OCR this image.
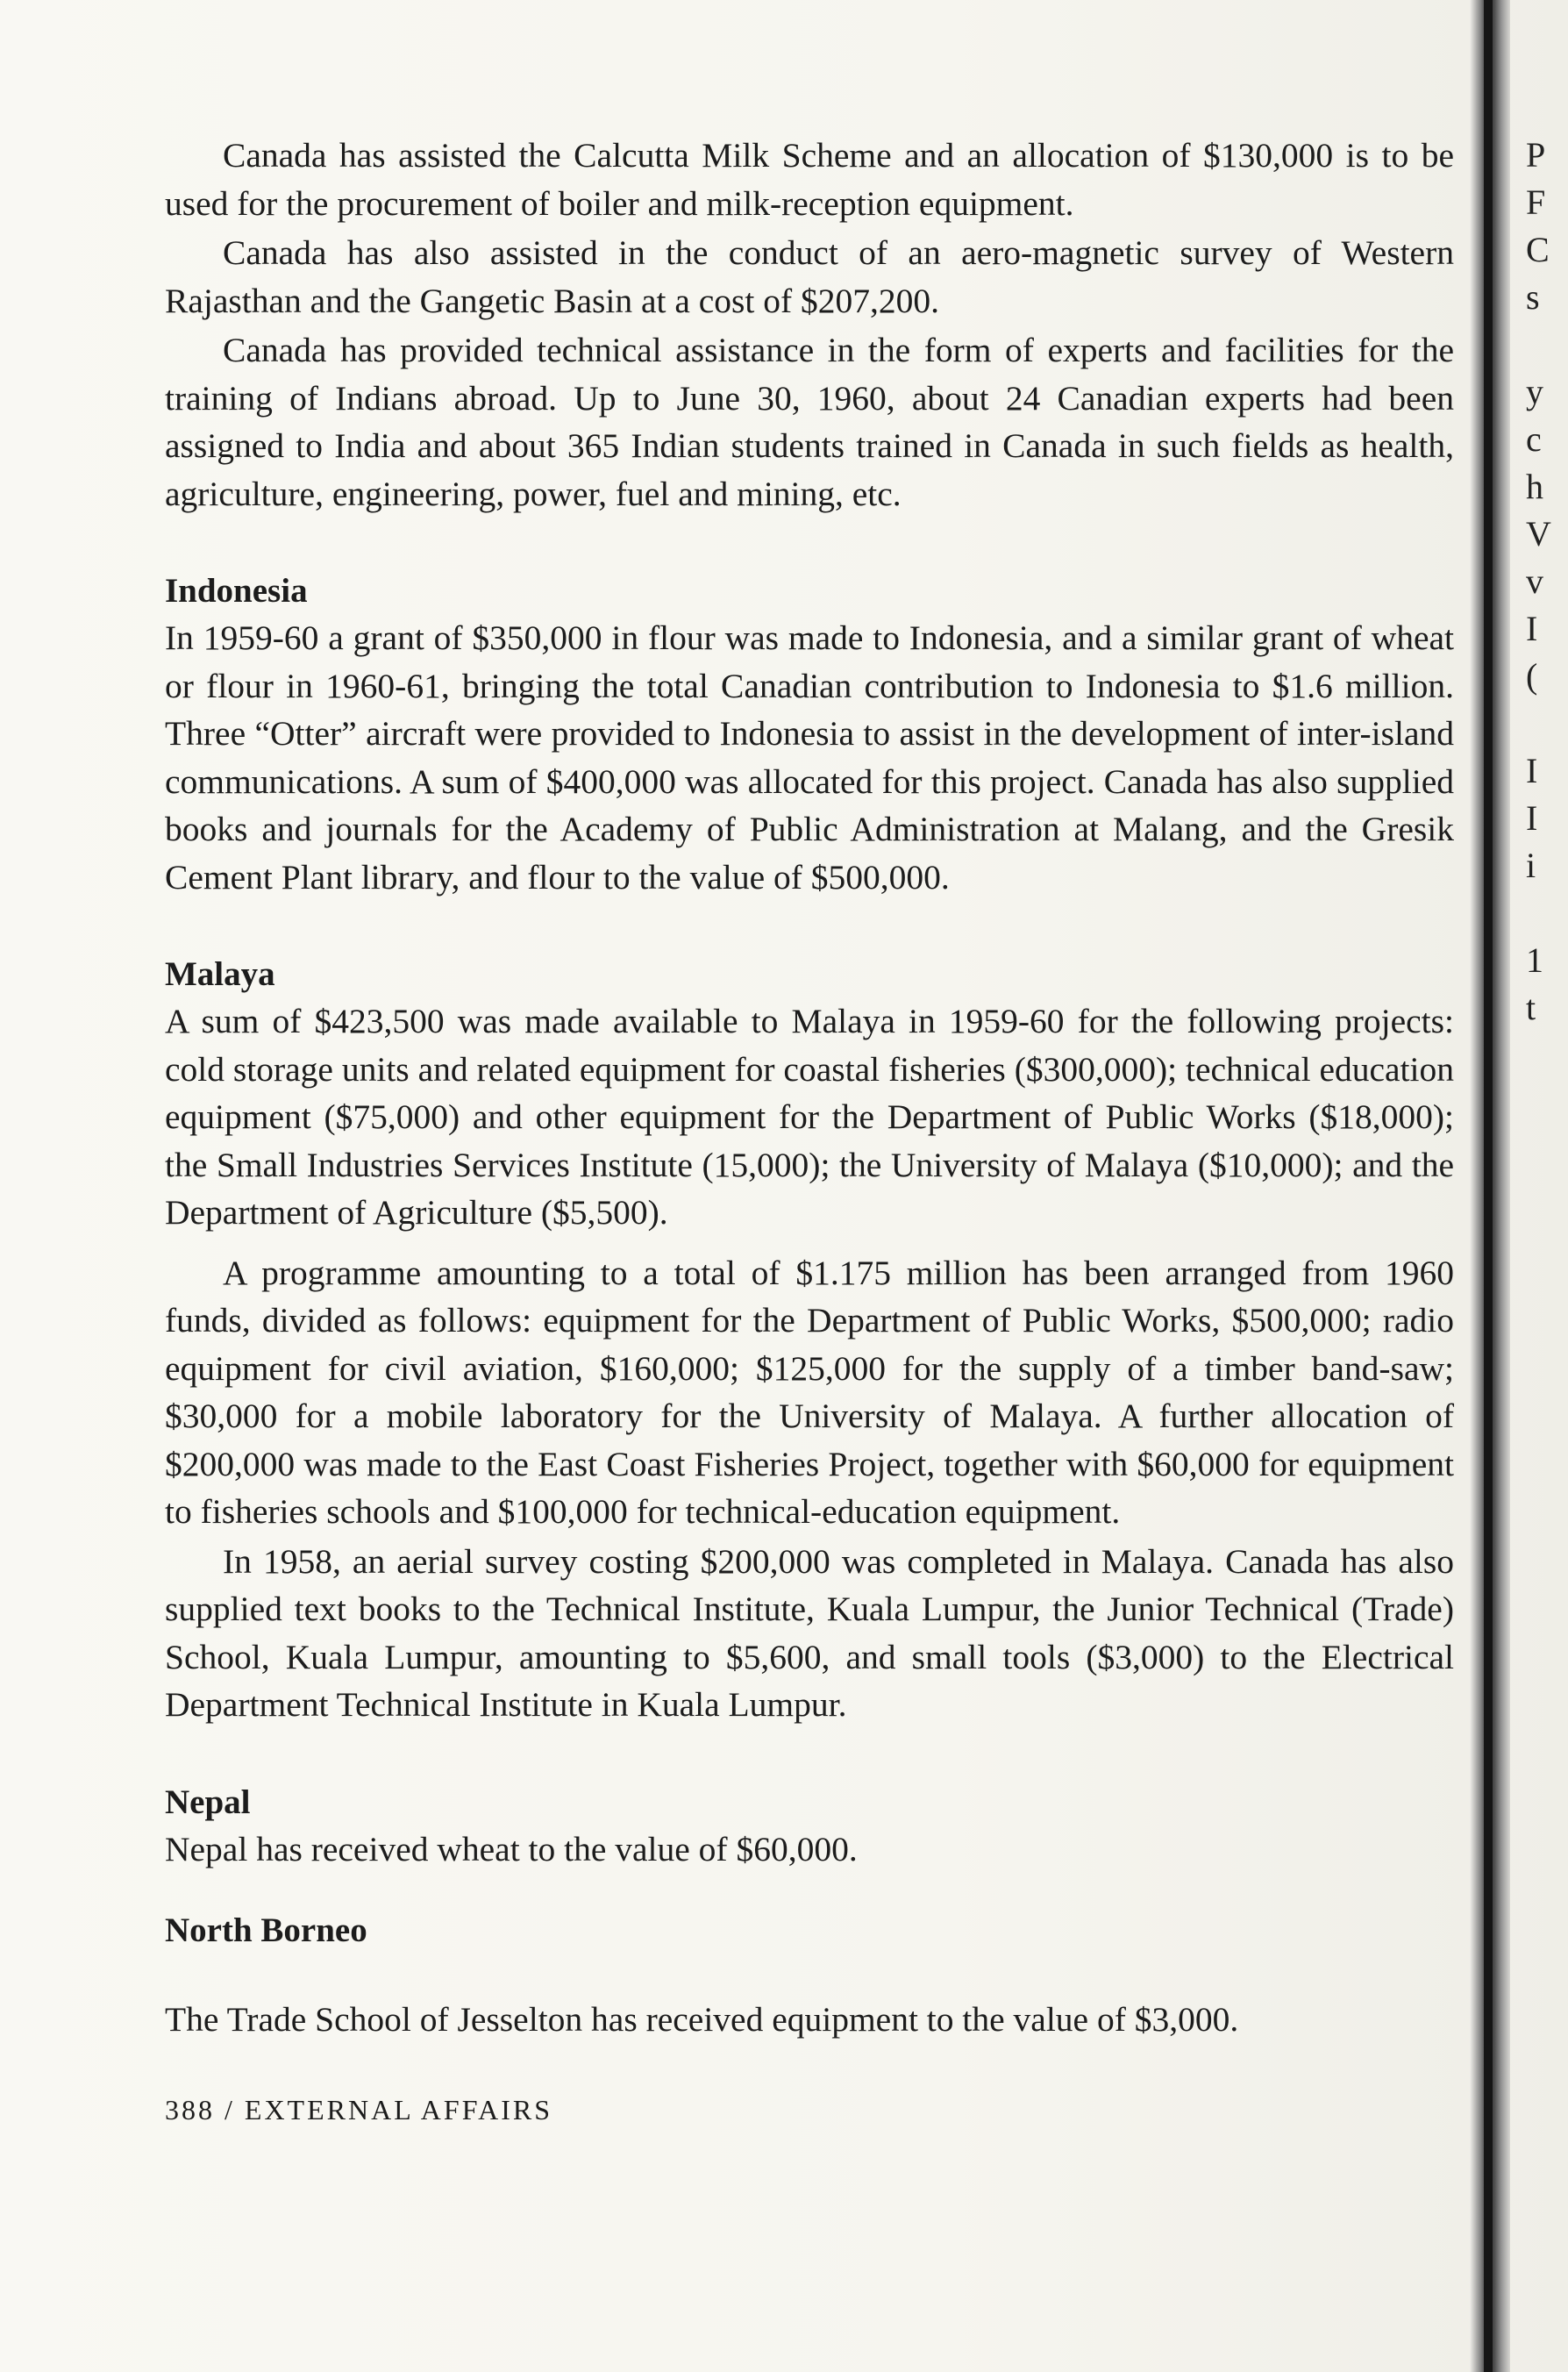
Canada has assisted the Calcutta Milk Scheme and an allocation of $130,000 is to be used for the procurement of boiler and milk-reception equipment.

Canada has also assisted in the conduct of an aero-magnetic survey of Western Rajasthan and the Gangetic Basin at a cost of $207,200.

Canada has provided technical assistance in the form of experts and facilities for the training of Indians abroad. Up to June 30, 1960, about 24 Canadian experts had been assigned to India and about 365 Indian students trained in Canada in such fields as health, agriculture, engineering, power, fuel and mining, etc.

Indonesia

In 1959-60 a grant of $350,000 in flour was made to Indonesia, and a similar grant of wheat or flour in 1960-61, bringing the total Canadian contribution to Indonesia to $1.6 million. Three “Otter” aircraft were provided to Indonesia to assist in the development of inter-island communications. A sum of $400,000 was allocated for this project. Canada has also supplied books and journals for the Academy of Public Administration at Malang, and the Gresik Cement Plant library, and flour to the value of $500,000.

Malaya

A sum of $423,500 was made available to Malaya in 1959-60 for the following projects: cold storage units and related equipment for coastal fisheries ($300,000); technical education equipment ($75,000) and other equipment for the Department of Public Works ($18,000); the Small Industries Services Institute (15,000); the University of Malaya ($10,000); and the Department of Agriculture ($5,500).

A programme amounting to a total of $1.175 million has been arranged from 1960 funds, divided as follows: equipment for the Department of Public Works, $500,000; radio equipment for civil aviation, $160,000; $125,000 for the supply of a timber band-saw; $30,000 for a mobile laboratory for the University of Malaya. A further allocation of $200,000 was made to the East Coast Fisheries Project, together with $60,000 for equipment to fisheries schools and $100,000 for technical-education equipment.

In 1958, an aerial survey costing $200,000 was completed in Malaya. Canada has also supplied text books to the Technical Institute, Kuala Lumpur, the Junior Technical (Trade) School, Kuala Lumpur, amounting to $5,600, and small tools ($3,000) to the Electrical Department Technical Institute in Kuala Lumpur.

Nepal

Nepal has received wheat to the value of $60,000.

North Borneo

The Trade School of Jesselton has received equipment to the value of $3,000.

388 / EXTERNAL AFFAIRS
P
F
C
s

y
c
h
V
v
I
(

I
I
i

1
t
